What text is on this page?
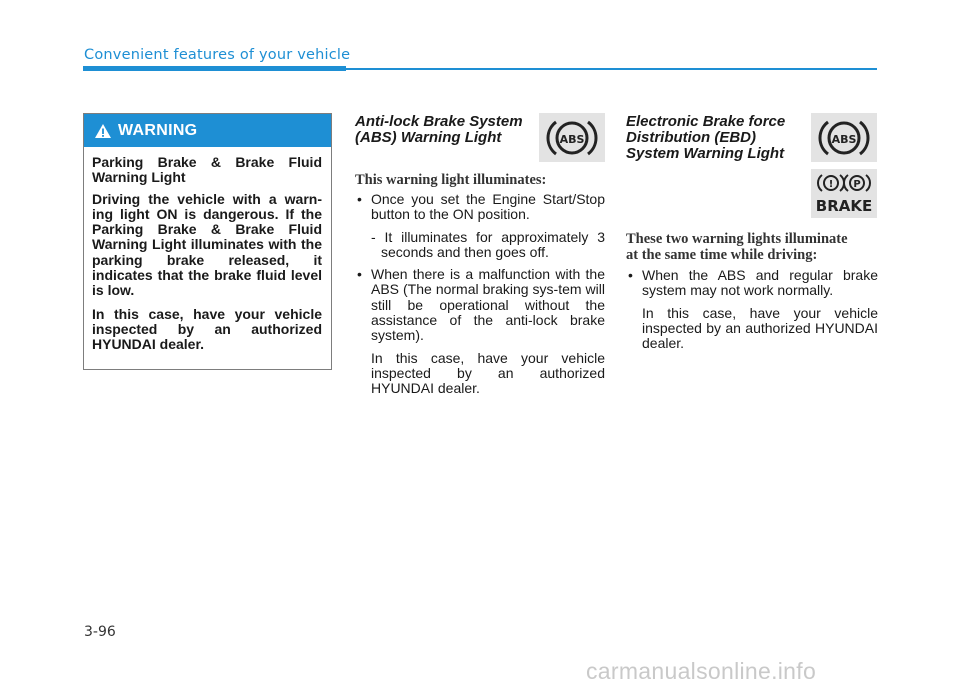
Convenient features of your vehicle
WARNING

Parking Brake & Brake Fluid Warning Light

Driving the vehicle with a warn-ing light ON is dangerous. If the Parking Brake & Brake Fluid Warning Light illuminates with the parking brake released, it indicates that the brake fluid level is low.

In this case, have your vehicle inspected by an authorized HYUNDAI dealer.

Anti-lock Brake System
(ABS) Warning Light	ABS
This warning light illuminates:
• Once you set the Engine Start/Stop button to the ON position.
- It illuminates for approximately 3 seconds and then goes off.
• When there is a malfunction with the ABS (The normal braking sys-tem will still be operational without the assistance of the anti-lock brake system).
In this case, have your vehicle inspected by an authorized HYUNDAI dealer.
Electronic Brake force
Distribution (EBD)
System Warning Light
ABS
! P
BRAKE
These two warning lights illuminate
at the same time while driving:
• When the ABS and regular brake system may not work normally.
In this case, have your vehicle inspected by an authorized HYUNDAI dealer.
3-96
carmanualsonline.info
